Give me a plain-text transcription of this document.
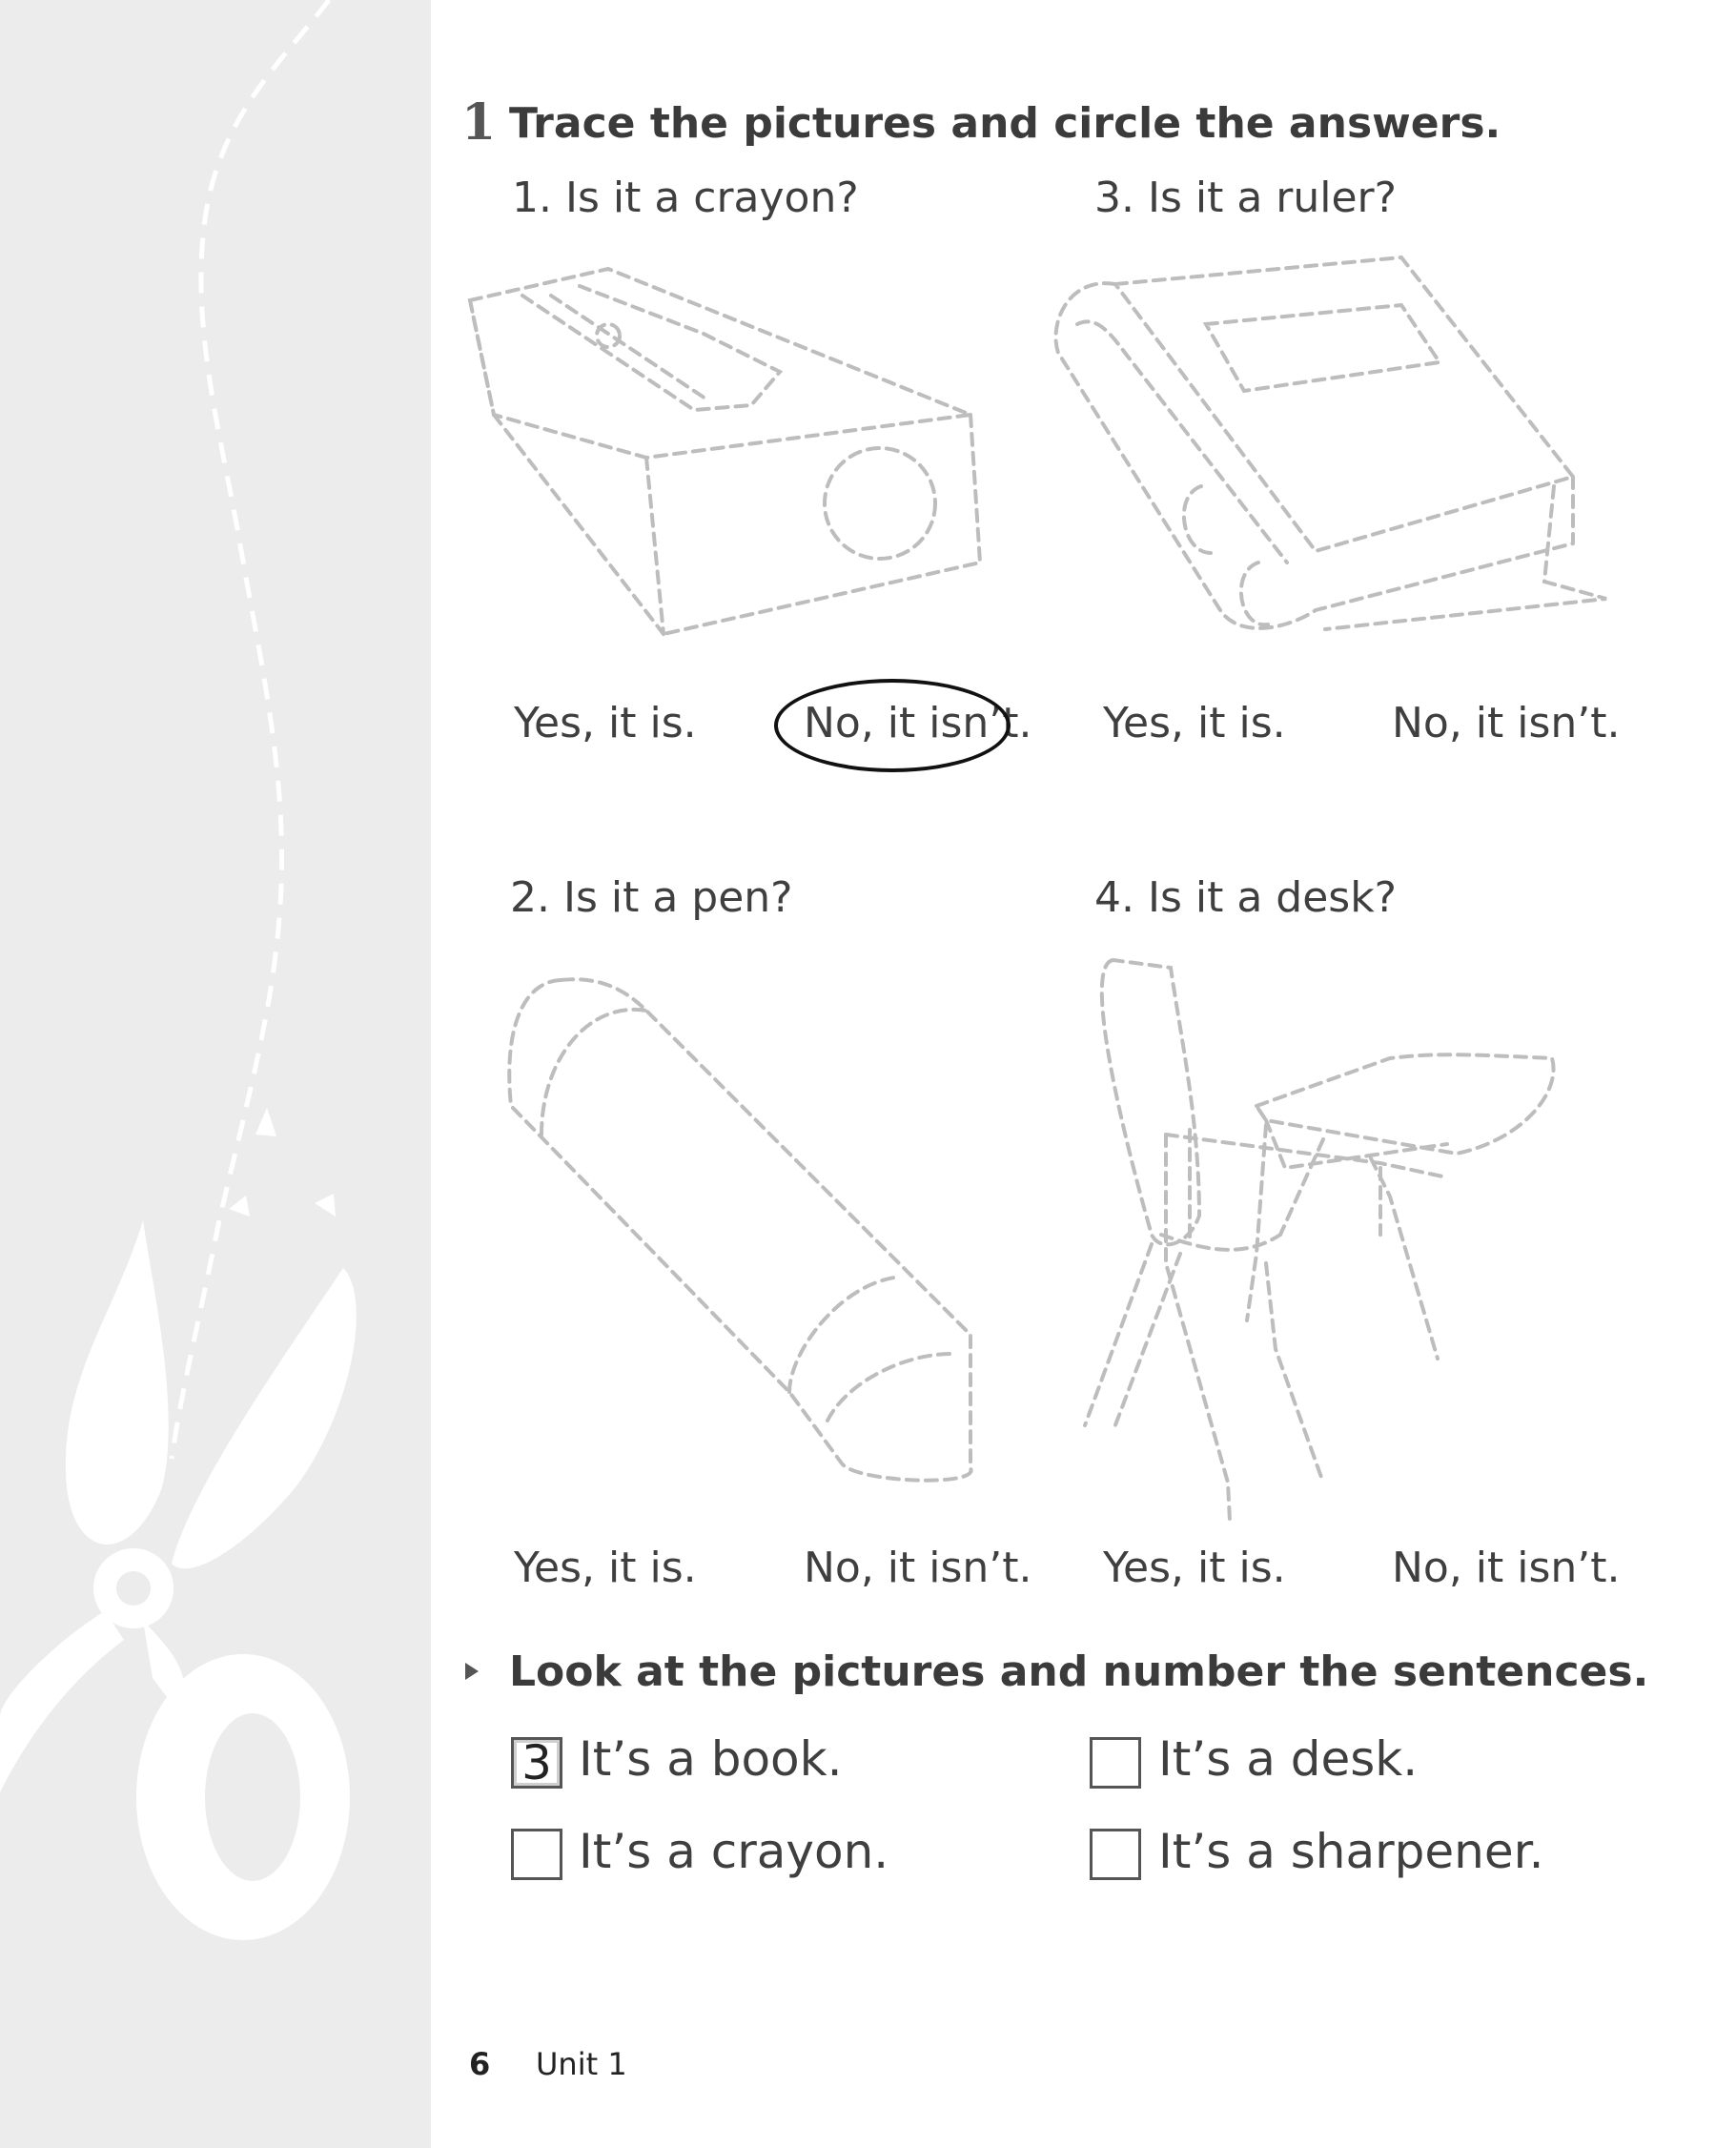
1 Trace the pictures and circle the answers.
1. Is it a crayon?
Yes, it is.	No, it isn’t.
3. Is it a ruler?
Yes, it is.	No, it isn’t.
2. Is it a pen?
Yes, it is.	No, it isn’t.
4. Is it a desk?
Yes, it is.	No, it isn’t.
Look at the pictures and number the sentences.
3 It’s a book.	It’s a desk.
It’s a crayon.	It’s a sharpener.
6 Unit 1
